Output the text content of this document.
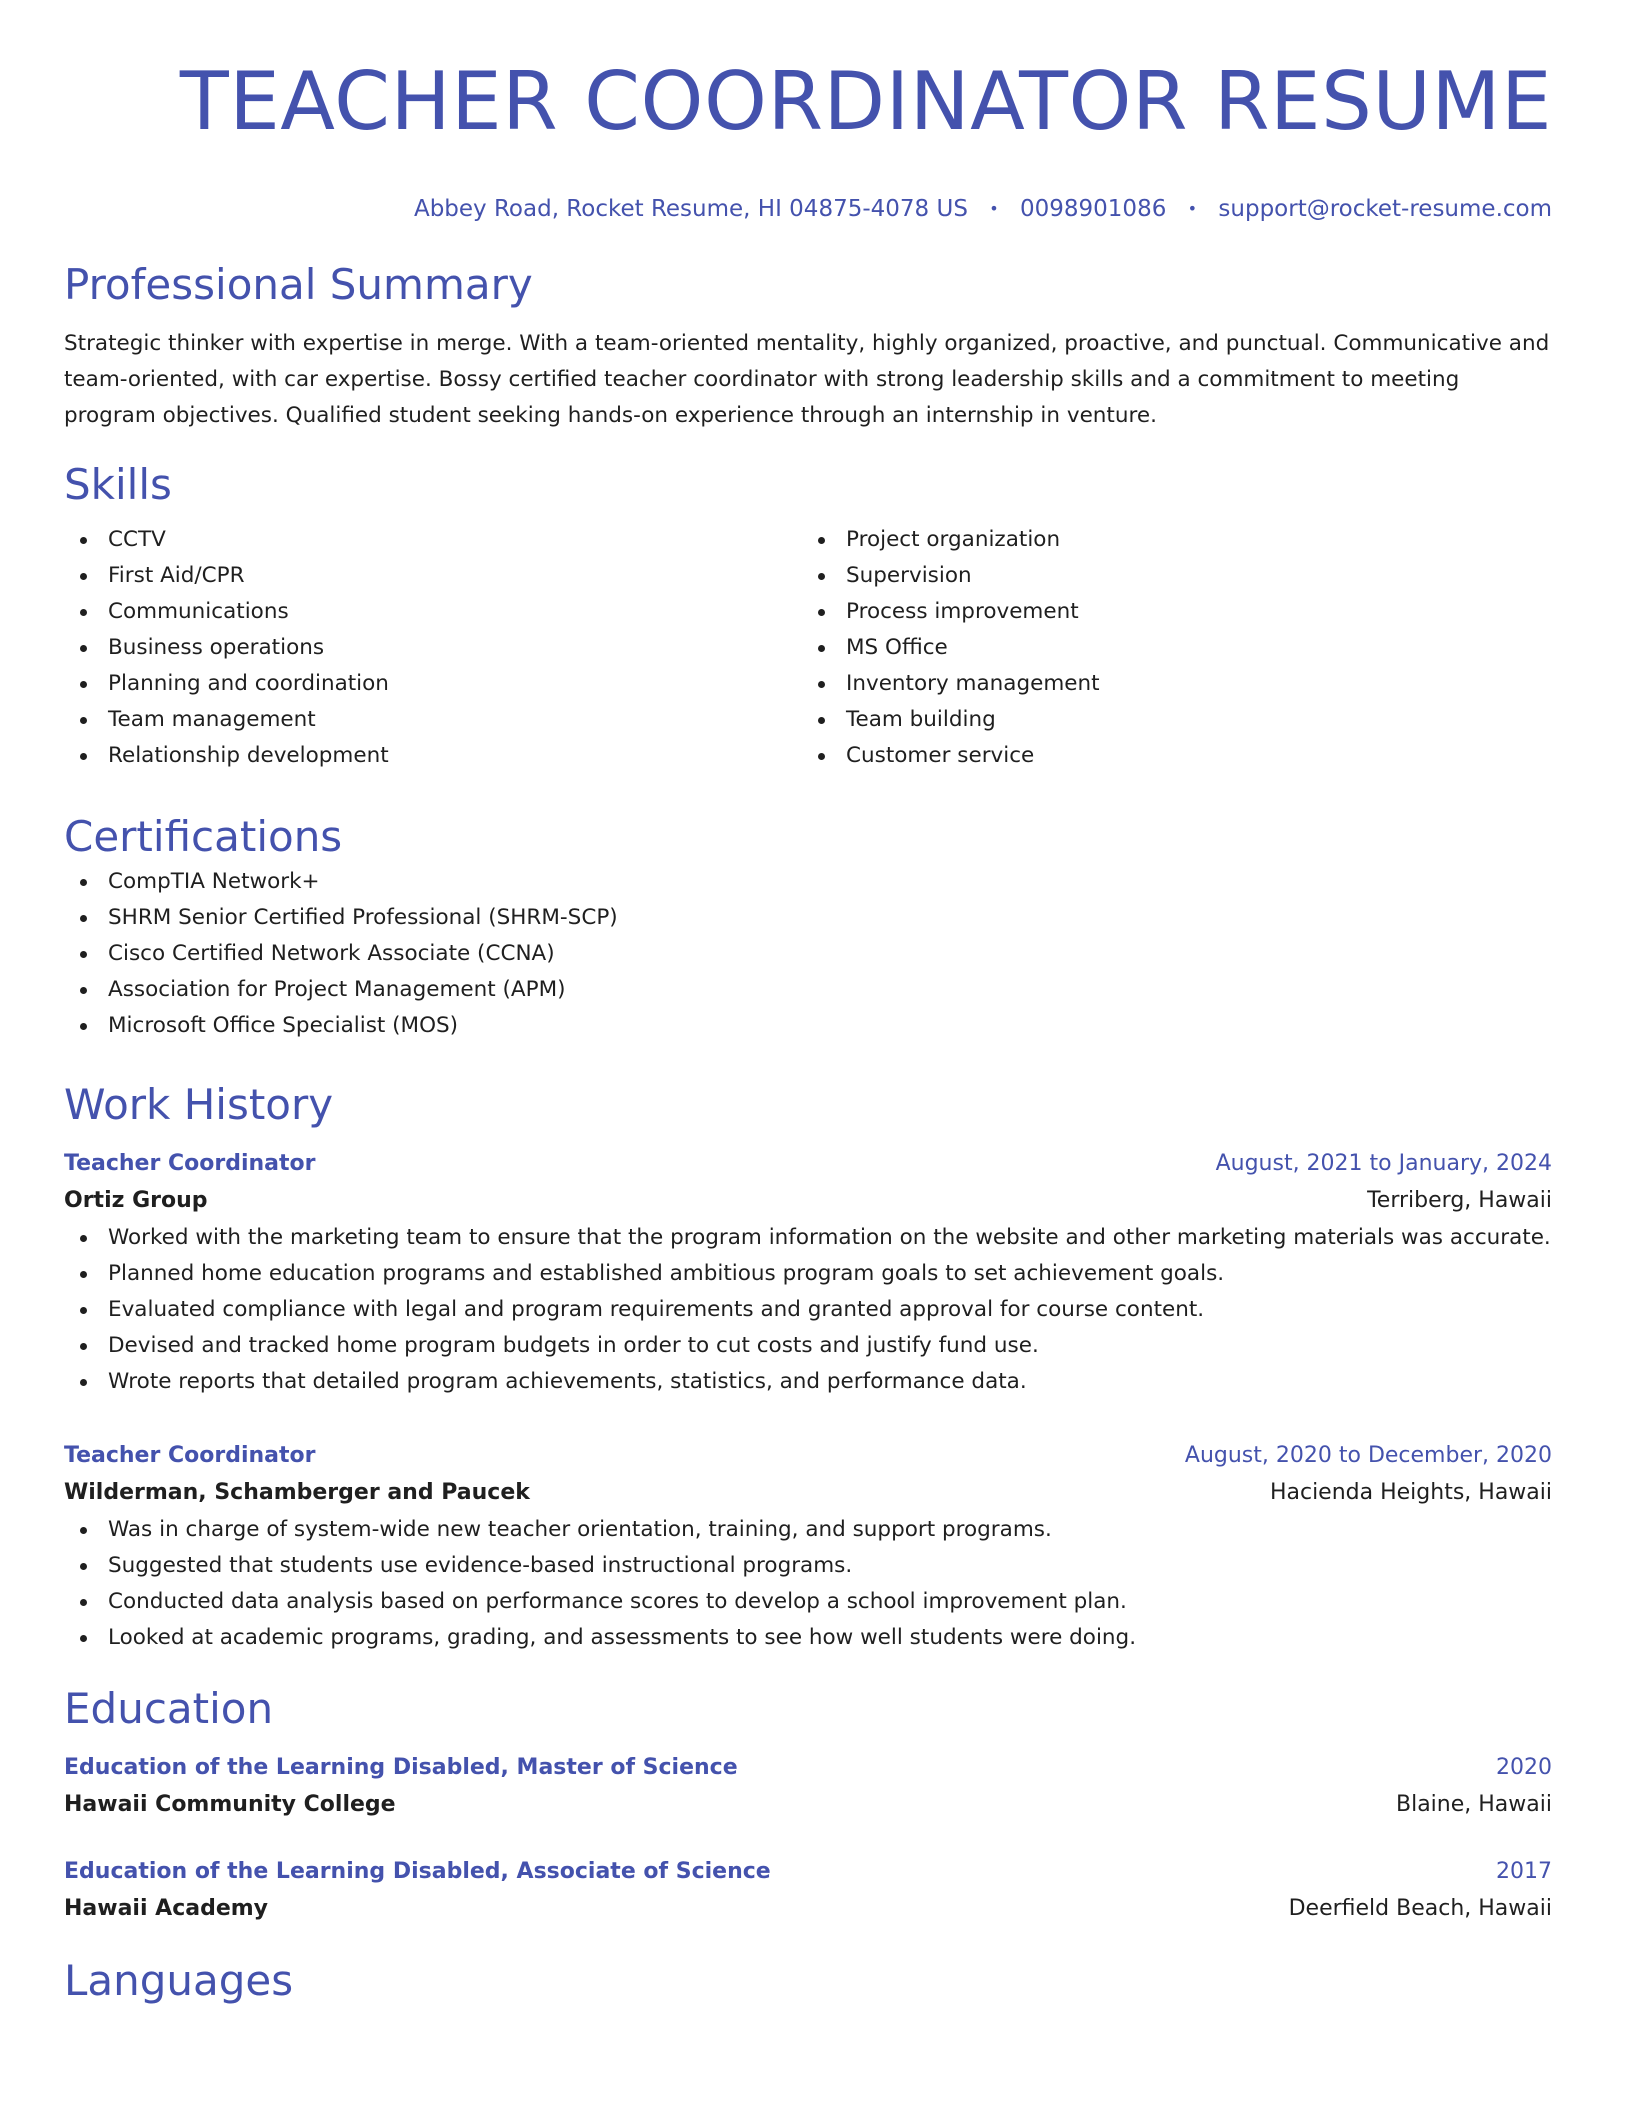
TEACHER COORDINATOR RESUME
Abbey Road, Rocket Resume, HI 04875-4078 US • 0098901086 • support@rocket-resume.com
Professional Summary

Strategic thinker with expertise in merge. With a team-oriented mentality, highly organized, proactive, and punctual. Communicative and team-oriented, with car expertise. Bossy certified teacher coordinator with strong leadership skills and a commitment to meeting program objectives. Qualified student seeking hands-on experience through an internship in venture.

Skills
CCTV
First Aid/CPR
Communications
Business operations
Planning and coordination
Team management
Relationship development
Project organization
Supervision
Process improvement
MS Office
Inventory management
Team building
Customer service
Certifications
CompTIA Network+
SHRM Senior Certified Professional (SHRM-SCP)
Cisco Certified Network Associate (CCNA)
Association for Project Management (APM)
Microsoft Office Specialist (MOS)
Work History
Teacher Coordinator	August, 2021 to January, 2024
Ortiz Group	Terriberg, Hawaii
Worked with the marketing team to ensure that the program information on the website and other marketing materials was accurate.
Planned home education programs and established ambitious program goals to set achievement goals.
Evaluated compliance with legal and program requirements and granted approval for course content.
Devised and tracked home program budgets in order to cut costs and justify fund use.
Wrote reports that detailed program achievements, statistics, and performance data.
Teacher Coordinator	August, 2020 to December, 2020
Wilderman, Schamberger and Paucek	Hacienda Heights, Hawaii
Was in charge of system-wide new teacher orientation, training, and support programs.
Suggested that students use evidence-based instructional programs.
Conducted data analysis based on performance scores to develop a school improvement plan.
Looked at academic programs, grading, and assessments to see how well students were doing.
Education
Education of the Learning Disabled, Master of Science	2020
Hawaii Community College	Blaine, Hawaii
Education of the Learning Disabled, Associate of Science	2017
Hawaii Academy	Deerfield Beach, Hawaii
Languages
